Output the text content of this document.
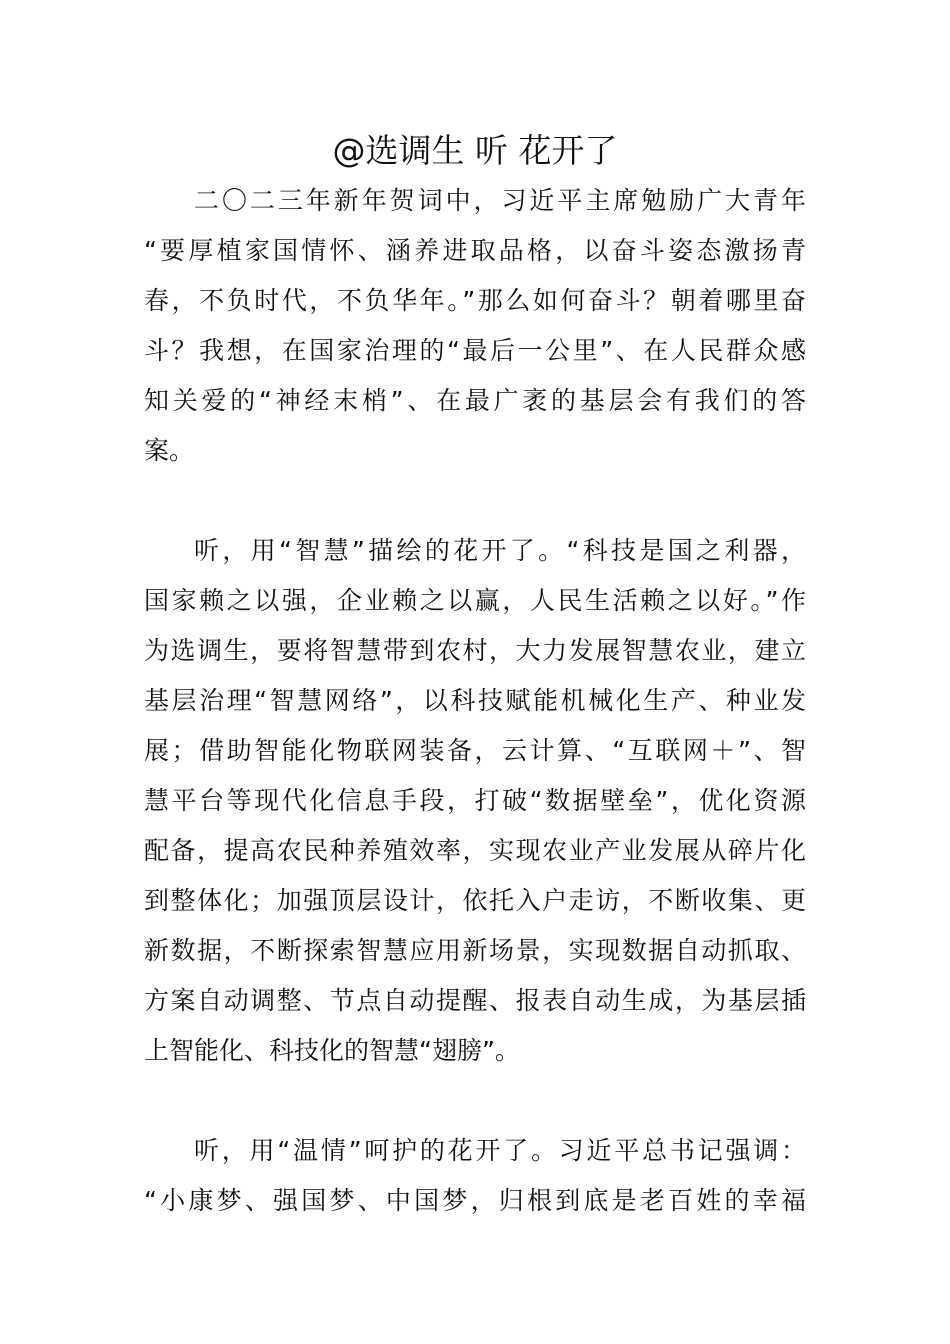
@选调生 听 花开了
二〇二三年新年贺词中，习近平主席勉励广大青年
“要厚植家国情怀、涵养进取品格，以奋斗姿态激扬青
春，不负时代，不负华年。”那么如何奋斗？朝着哪里奋
斗？我想，在国家治理的“最后一公里”、在人民群众感
知关爱的“神经末梢”、在最广袤的基层会有我们的答
案。
听，用“智慧”描绘的花开了。“科技是国之利器，
国家赖之以强，企业赖之以赢，人民生活赖之以好。”作
为选调生，要将智慧带到农村，大力发展智慧农业，建立
基层治理“智慧网络”，以科技赋能机械化生产、种业发
展；借助智能化物联网装备，云计算、“互联网＋”、智
慧平台等现代化信息手段，打破“数据壁垒”，优化资源
配备，提高农民种养殖效率，实现农业产业发展从碎片化
到整体化；加强顶层设计，依托入户走访，不断收集、更
新数据，不断探索智慧应用新场景，实现数据自动抓取、
方案自动调整、节点自动提醒、报表自动生成，为基层插
上智能化、科技化的智慧“翅膀”。
听，用“温情”呵护的花开了。习近平总书记强调：
“小康梦、强国梦、中国梦，归根到底是老百姓的幸福
